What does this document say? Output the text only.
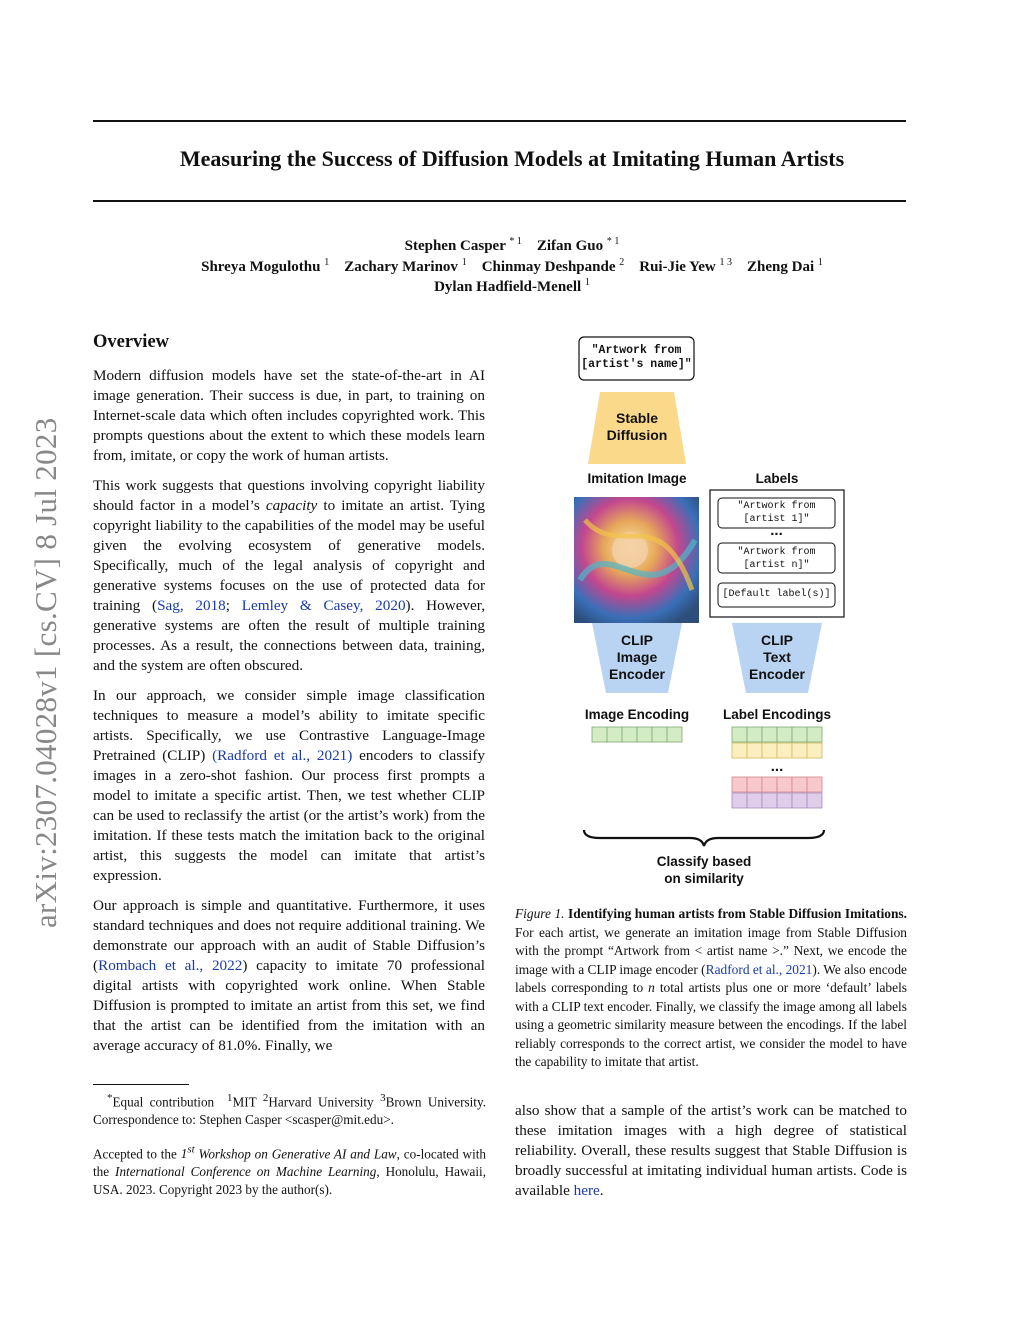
arXiv:2307.04028v1 [cs.CV] 8 Jul 2023
Measuring the Success of Diffusion Models at Imitating Human Artists
Stephen Casper $^{* 1}$ Zifan Guo $^{* 1}$
Shreya Mogulothu $^1$ Zachary Marinov $^1$ Chinmay Deshpande $^2$ Rui-Jie Yew $^{1 3}$ Zheng Dai $^1$
Dylan Hadfield-Menell $^1$
Overview

Modern diffusion models have set the state-of-the-art in AI image generation. Their success is due, in part, to training on Internet-scale data which often includes copyrighted work. This prompts questions about the extent to which these models learn from, imitate, or copy the work of human artists.

This work suggests that questions involving copyright liability should factor in a model’s capacity to imitate an artist. Tying copyright liability to the capabilities of the model may be useful given the evolving ecosystem of generative models. Specifically, much of the legal analysis of copyright and generative systems focuses on the use of protected data for training (Sag, 2018; Lemley & Casey, 2020). However, generative systems are often the result of multiple training processes. As a result, the connections between data, training, and the system are often obscured.

In our approach, we consider simple image classification techniques to measure a model’s ability to imitate specific artists. Specifically, we use Contrastive Language-Image Pretrained (CLIP) (Radford et al., 2021) encoders to classify images in a zero-shot fashion. Our process first prompts a model to imitate a specific artist. Then, we test whether CLIP can be used to reclassify the artist (or the artist’s work) from the imitation. If these tests match the imitation back to the original artist, this suggests the model can imitate that artist’s expression.

Our approach is simple and quantitative. Furthermore, it uses standard techniques and does not require additional training. We demonstrate our approach with an audit of Stable Diffusion’s (Rombach et al., 2022) capacity to imitate 70 professional digital artists with copyrighted work online. When Stable Diffusion is prompted to imitate an artist from this set, we find that the artist can be identified from the imitation with an average accuracy of 81.0%. Finally, we

*Equal contribution $^1$MIT $^2$Harvard University $^3$Brown University. Correspondence to: Stephen Casper <scasper@mit.edu>.
Accepted to the 1st Workshop on Generative AI and Law, co-located with the International Conference on Machine Learning, Honolulu, Hawaii, USA. 2023. Copyright 2023 by the author(s).
"Artwork from
[artist's name]"
Stable
Diffusion
Imitation Image	Labels
"Artwork from
[artist 1]"
...
"Artwork from
[artist n]"
[Default label(s)]
CLIP
Image
Encoder
CLIP
Text
Encoder
Image Encoding	Label Encodings
...
Classify based
on similarity
Figure 1. Identifying human artists from Stable Diffusion Imitations. For each artist, we generate an imitation image from Stable Diffusion with the prompt “Artwork from < artist name >.” Next, we encode the image with a CLIP image encoder (Radford et al., 2021). We also encode labels corresponding to n total artists plus one or more ‘default’ labels with a CLIP text encoder. Finally, we classify the image among all labels using a geometric similarity measure between the encodings. If the label reliably corresponds to the correct artist, we consider the model to have the capability to imitate that artist.
also show that a sample of the artist’s work can be matched to these imitation images with a high degree of statistical reliability. Overall, these results suggest that Stable Diffusion is broadly successful at imitating individual human artists. Code is available here.
